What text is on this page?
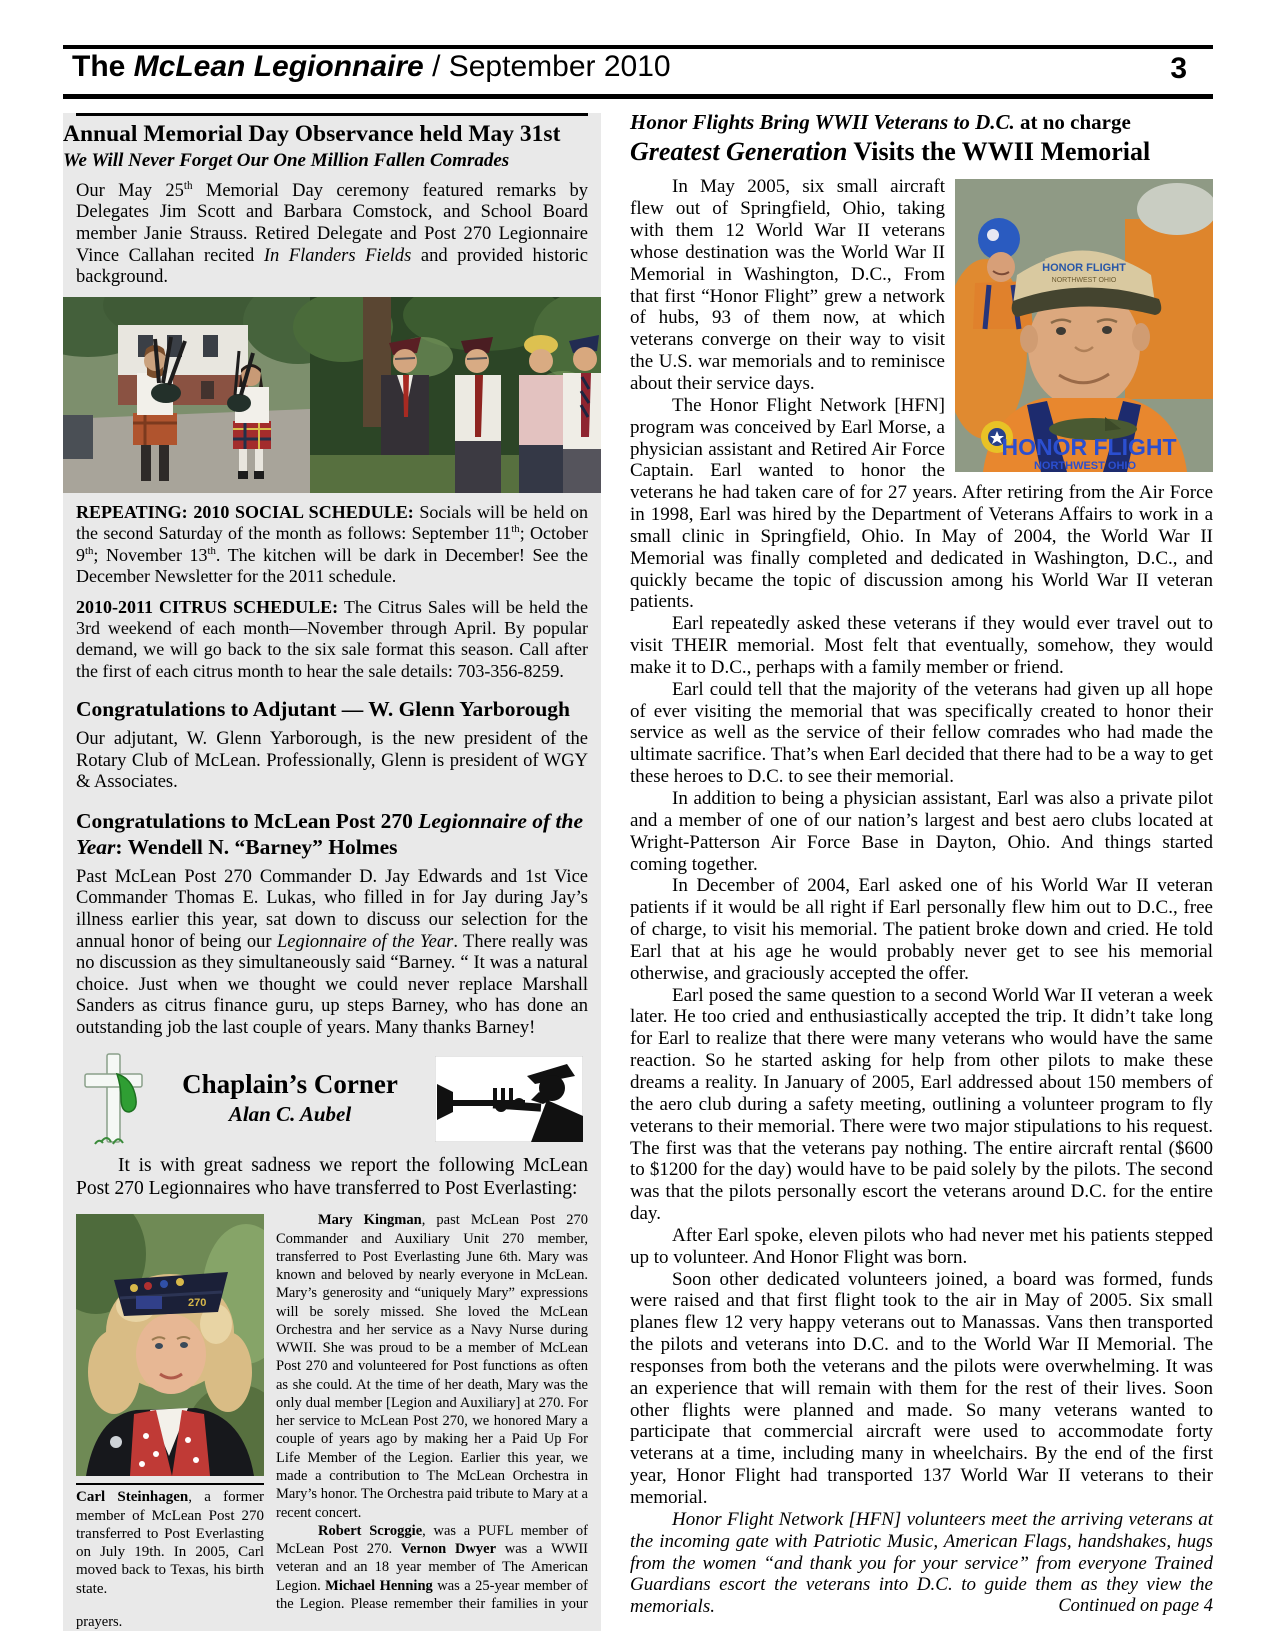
The McLean Legionnaire / September 2010	3
Annual Memorial Day Observance held May 31st
We Will Never Forget Our One Million Fallen Comrades

Our May 25th Memorial Day ceremony featured remarks by Delegates Jim Scott and Barbara Comstock, and School Board member Janie Strauss. Retired Delegate and Post 270 Legionnaire Vince Callahan recited In Flanders Fields and provided historic background.

REPEATING: 2010 SOCIAL SCHEDULE: Socials will be held on the second Saturday of the month as follows: September 11th; October 9th; November 13th. The kitchen will be dark in December! See the December Newsletter for the 2011 schedule.

2010-2011 CITRUS SCHEDULE: The Citrus Sales will be held the 3rd weekend of each month—November through April. By popular demand, we will go back to the six sale format this season. Call after the first of each citrus month to hear the sale details: 703-356-8259.

Congratulations to Adjutant — W. Glenn Yarborough

Our adjutant, W. Glenn Yarborough, is the new president of the Rotary Club of McLean. Professionally, Glenn is president of WGY & Associates.

Congratulations to McLean Post 270 Legionnaire of the Year: Wendell N. “Barney” Holmes

Past McLean Post 270 Commander D. Jay Edwards and 1st Vice Commander Thomas E. Lukas, who filled in for Jay during Jay’s illness earlier this year, sat down to discuss our selection for the annual honor of being our Legionnaire of the Year. There really was no discussion as they simultaneously said “Barney. “ It was a natural choice. Just when we thought we could never replace Marshall Sanders as citrus finance guru, up steps Barney, who has done an outstanding job the last couple of years. Many thanks Barney!

Chaplain’s Corner
Alan C. Aubel

It is with great sadness we report the following McLean Post 270 Legionnaires who have transferred to Post Everlasting:

270
Carl Steinhagen, a former member of McLean Post 270 transferred to Post Everlasting on July 19th. In 2005, Carl moved back to Texas, his birth state.

Mary Kingman, past McLean Post 270 Commander and Auxiliary Unit 270 member, transferred to Post Everlasting June 6th. Mary was known and beloved by nearly everyone in McLean. Mary’s generosity and “uniquely Mary” expressions will be sorely missed. She loved the McLean Orchestra and her service as a Navy Nurse during WWII. She was proud to be a member of McLean Post 270 and volunteered for Post functions as often as she could. At the time of her death, Mary was the only dual member [Legion and Auxiliary] at 270. For her service to McLean Post 270, we honored Mary a couple of years ago by making her a Paid Up For Life Member of the Legion. Earlier this year, we made a contribution to The McLean Orchestra in Mary’s honor. The Orchestra paid tribute to Mary at a recent concert.

Robert Scroggie, was a PUFL member of McLean Post 270. Vernon Dwyer was a WWII veteran and an 18 year member of The American Legion. Michael Henning was a 25-year member of the Legion. Please remember their families in your prayers.

Honor Flights Bring WWII Veterans to D.C. at no charge
Greatest Generation Visits the WWII Memorial
HONOR FLIGHT
NORTHWEST OHIO
HONOR FLIGHT
NORTHWEST OHIO

In May 2005, six small aircraft flew out of Springfield, Ohio, taking with them 12 World War II veterans whose destination was the World War II Memorial in Washington, D.C., From that first “Honor Flight” grew a network of hubs, 93 of them now, at which veterans converge on their way to visit the U.S. war memorials and to reminisce about their service days.

The Honor Flight Network [HFN] program was conceived by Earl Morse, a physician assistant and Retired Air Force Captain. Earl wanted to honor the veterans he had taken care of for 27 years. After retiring from the Air Force in 1998, Earl was hired by the Department of Veterans Affairs to work in a small clinic in Springfield, Ohio. In May of 2004, the World War II Memorial was finally completed and dedicated in Washington, D.C., and quickly became the topic of discussion among his World War II veteran patients.

Earl repeatedly asked these veterans if they would ever travel out to visit THEIR memorial. Most felt that eventually, somehow, they would make it to D.C., perhaps with a family member or friend.

Earl could tell that the majority of the veterans had given up all hope of ever visiting the memorial that was specifically created to honor their service as well as the service of their fellow comrades who had made the ultimate sacrifice. That’s when Earl decided that there had to be a way to get these heroes to D.C. to see their memorial.

In addition to being a physician assistant, Earl was also a private pilot and a member of one of our nation’s largest and best aero clubs located at Wright-Patterson Air Force Base in Dayton, Ohio. And things started coming together.

In December of 2004, Earl asked one of his World War II veteran patients if it would be all right if Earl personally flew him out to D.C., free of charge, to visit his memorial. The patient broke down and cried. He told Earl that at his age he would probably never get to see his memorial otherwise, and graciously accepted the offer.

Earl posed the same question to a second World War II veteran a week later. He too cried and enthusiastically accepted the trip. It didn’t take long for Earl to realize that there were many veterans who would have the same reaction. So he started asking for help from other pilots to make these dreams a reality. In January of 2005, Earl addressed about 150 members of the aero club during a safety meeting, outlining a volunteer program to fly veterans to their memorial. There were two major stipulations to his request. The first was that the veterans pay nothing. The entire aircraft rental ($600 to $1200 for the day) would have to be paid solely by the pilots. The second was that the pilots personally escort the veterans around D.C. for the entire day.

After Earl spoke, eleven pilots who had never met his patients stepped up to volunteer. And Honor Flight was born.

Soon other dedicated volunteers joined, a board was formed, funds were raised and that first flight took to the air in May of 2005. Six small planes flew 12 very happy veterans out to Manassas. Vans then transported the pilots and veterans into D.C. and to the World War II Memorial. The responses from both the veterans and the pilots were overwhelming. It was an experience that will remain with them for the rest of their lives. Soon other flights were planned and made. So many veterans wanted to participate that commercial aircraft were used to accommodate forty veterans at a time, including many in wheelchairs. By the end of the first year, Honor Flight had transported 137 World War II veterans to their memorial.

Honor Flight Network [HFN] volunteers meet the arriving veterans at the incoming gate with Patriotic Music, American Flags, handshakes, hugs from the women “and thank you for your service” from everyone Trained Guardians escort the veterans into D.C. to guide them as they view the memorials.	Continued on page 4
